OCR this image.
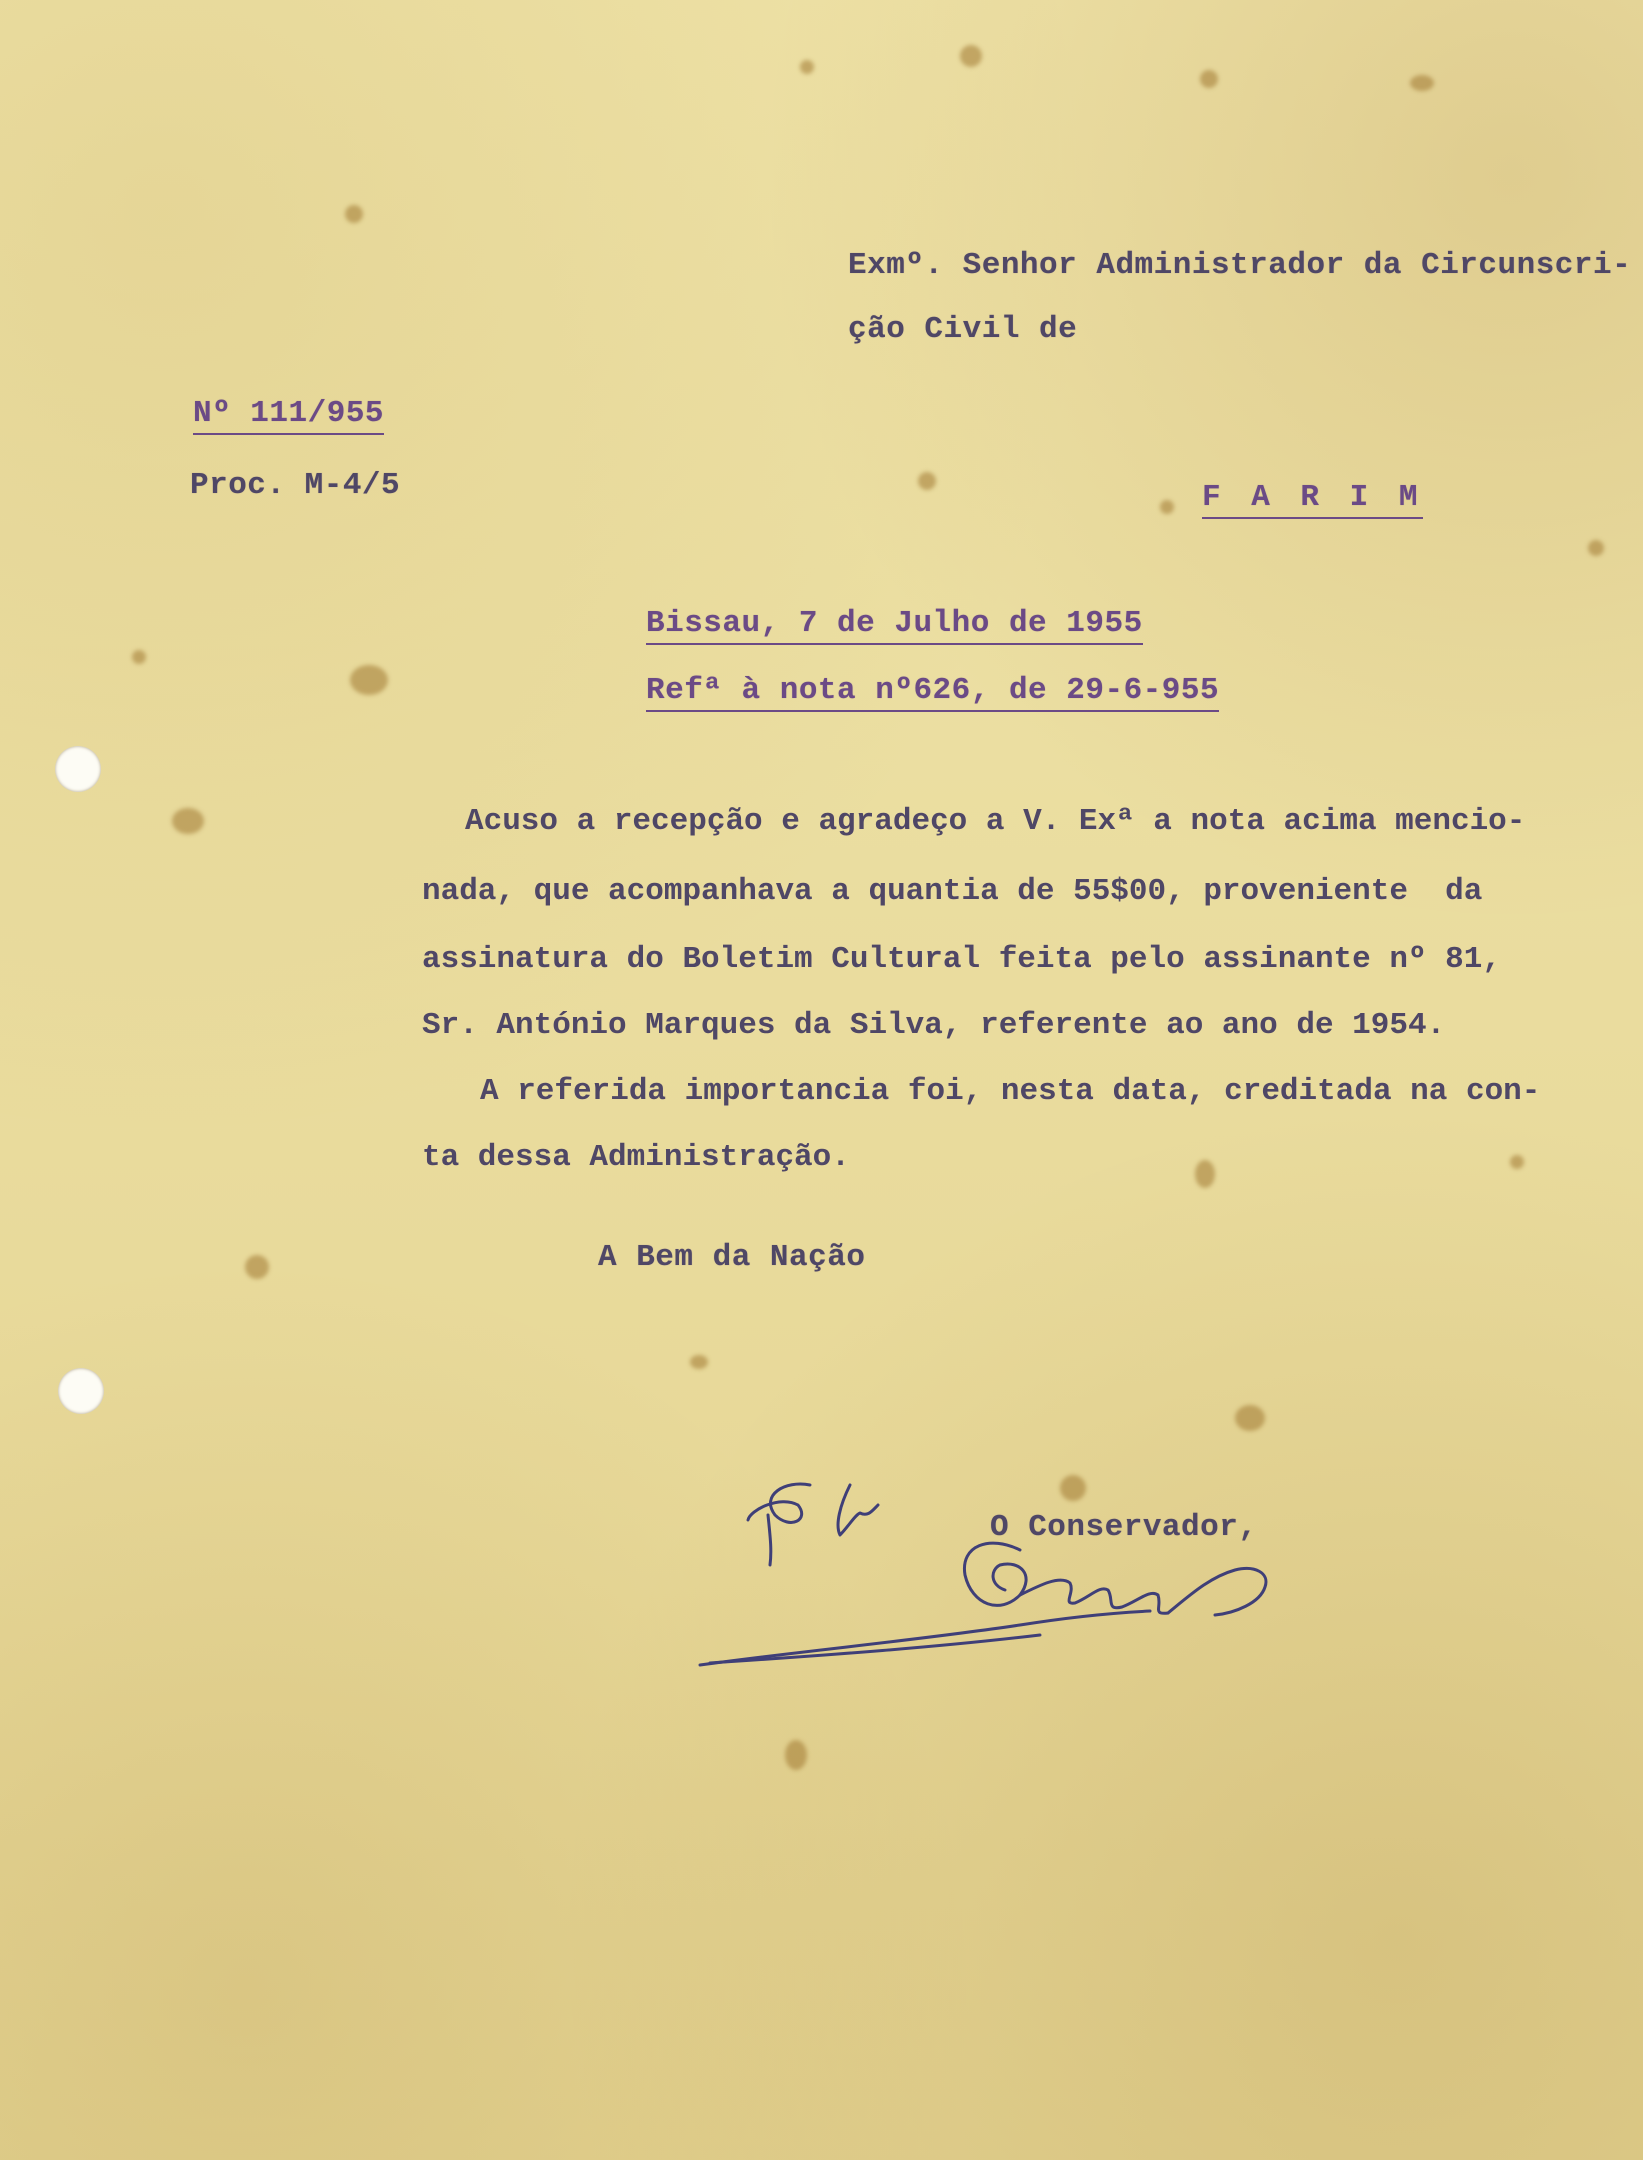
Exmº. Senhor Administrador da Circunscri-
ção Civil de
Nº 111/955
Proc. M-4/5	F A R I M
Bissau, 7 de Julho de 1955
Refª à nota nº626, de 29-6-955
Acuso a recepção e agradeço a V. Exª a nota acima mencio-
nada, que acompanhava a quantia de 55$00, proveniente  da
assinatura do Boletim Cultural feita pelo assinante nº 81,
Sr. António Marques da Silva, referente ao ano de 1954.
A referida importancia foi, nesta data, creditada na con-
ta dessa Administração.
A Bem da Nação
O Conservador,
